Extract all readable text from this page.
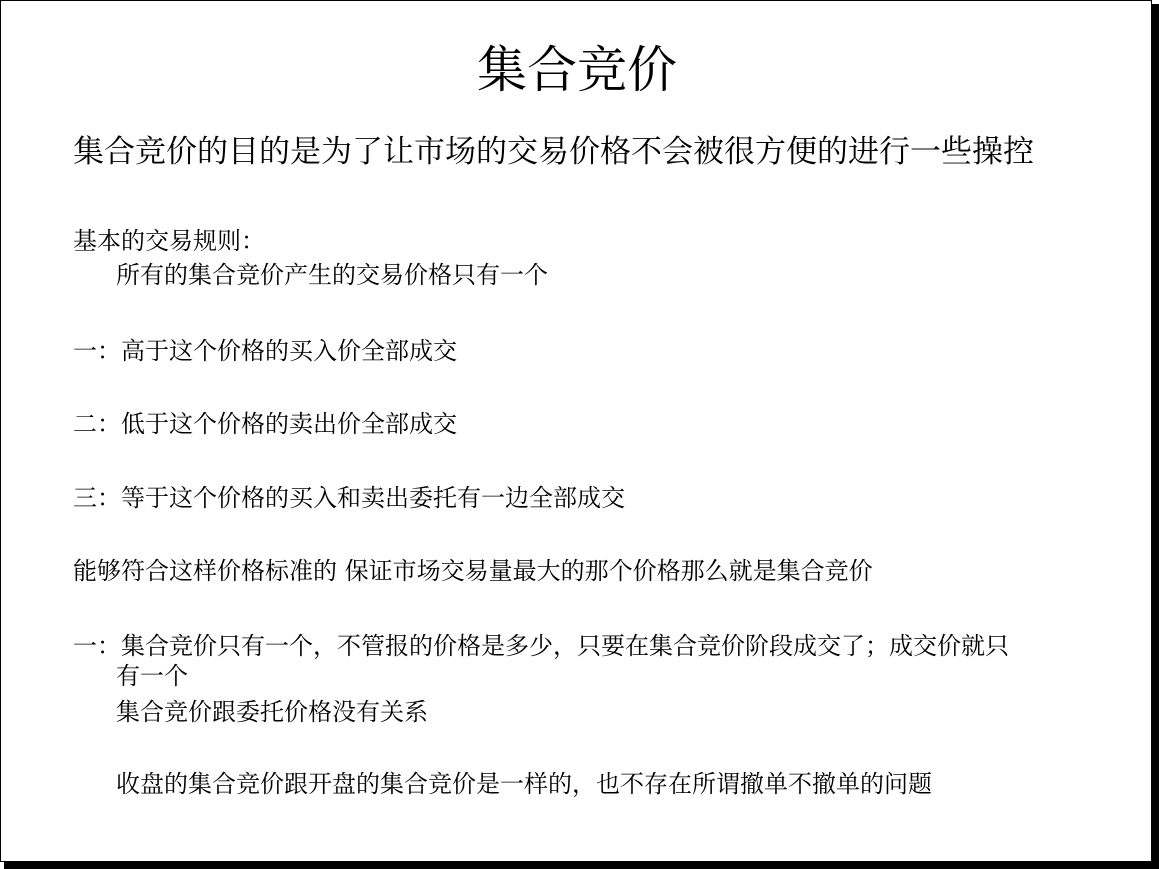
集合竞价
集合竞价的目的是为了让市场的交易价格不会被很方便的进行一些操控
基本的交易规则：
所有的集合竞价产生的交易价格只有一个
一：高于这个价格的买入价全部成交
二：低于这个价格的卖出价全部成交
三：等于这个价格的买入和卖出委托有一边全部成交
能够符合这样价格标准的 保证市场交易量最大的那个价格那么就是集合竞价
一：集合竞价只有一个，不管报的价格是多少，只要在集合竞价阶段成交了；成交价就只
有一个
集合竞价跟委托价格没有关系
收盘的集合竞价跟开盘的集合竞价是一样的，也不存在所谓撤单不撤单的问题
